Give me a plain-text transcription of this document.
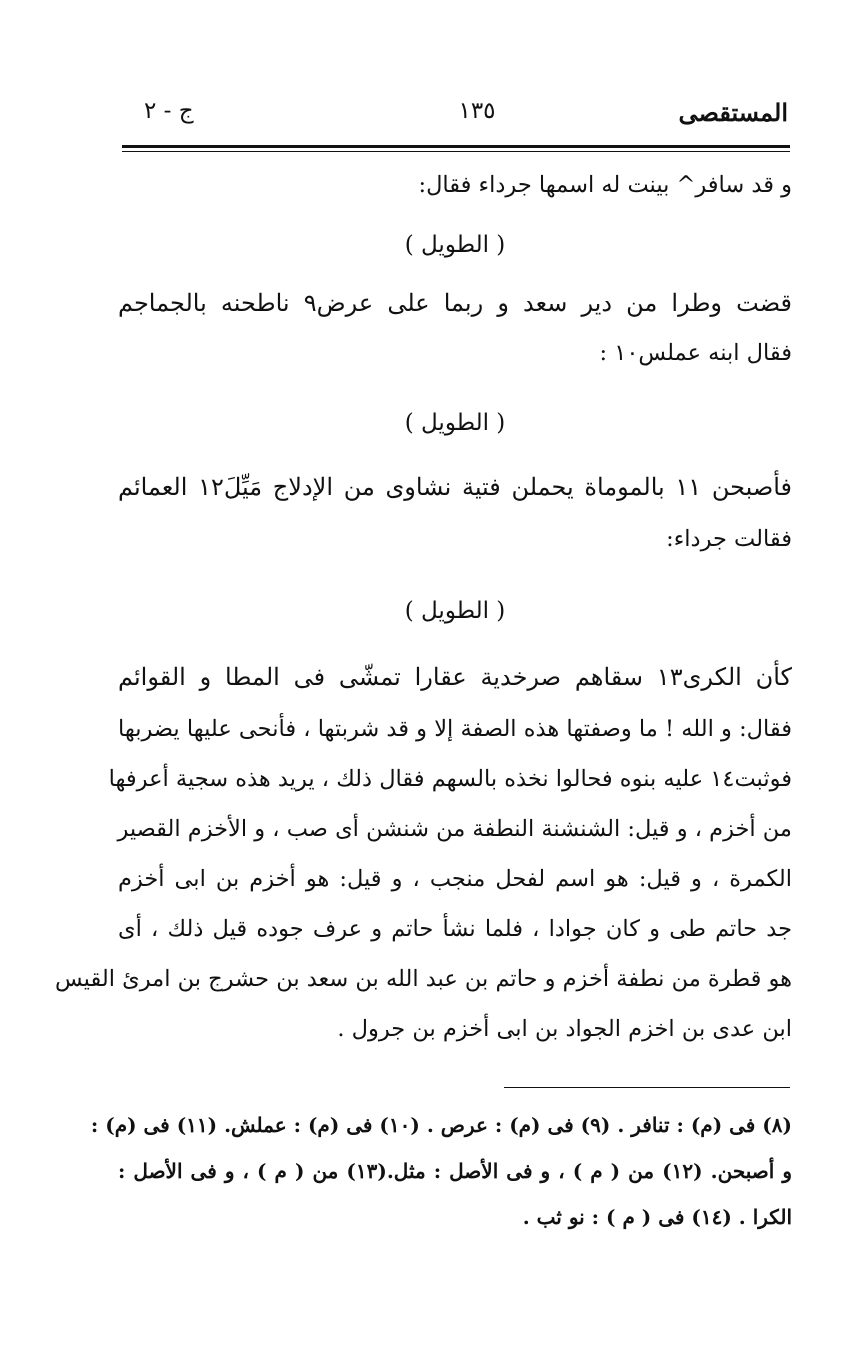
ج - ٢	١٣٥	المستقصى
و قد سافر^ بينت له اسمها جرداء فقال:
( الطويل )
قضت وطرا من دير سعد و ربما على عرض٩ ناطحنه بالجماجم
فقال ابنه عملس١٠ :
( الطويل )
فأصبحن ١١ بالموماة يحملن فتية نشاوى من الإدلاج مَيِّلَ١٢ العمائم
فقالت جرداء:
( الطويل )
كأن الكرى١٣ سقاهم صرخدية عقارا تمشّى فى المطا و القوائم
فقال: و الله ! ما وصفتها هذه الصفة إلا و قد شربتها ، فأنحى عليها يضربها
فوثبت١٤ عليه بنوه فحالوا نخذه بالسهم فقال ذلك ، يريد هذه سجية أعرفها
من أخزم ، و قيل: الشنشنة النطفة من شنشن أى صب ، و الأخزم القصير
الكمرة ، و قيل: هو اسم لفحل منجب ، و قيل: هو أخزم بن ابى أخزم
جد حاتم طى و كان جوادا ، فلما نشأ حاتم و عرف جوده قيل ذلك ، أى
هو قطرة من نطفة أخزم و حاتم بن عبد الله بن سعد بن حشرج بن امرئ القيس
ابن عدى بن اخزم الجواد بن ابى أخزم بن جرول .
(٨) فى (م) : تنافر . (٩) فى (م) : عرص . (١٠) فى (م) : عملش. (١١) فى (م) :
و أصبحن. (١٢) من ( م ) ، و فى الأصل : مثل.(١٣) من ( م ) ، و فى الأصل :
الكرا . (١٤) فى ( م ) : نو ثب .
